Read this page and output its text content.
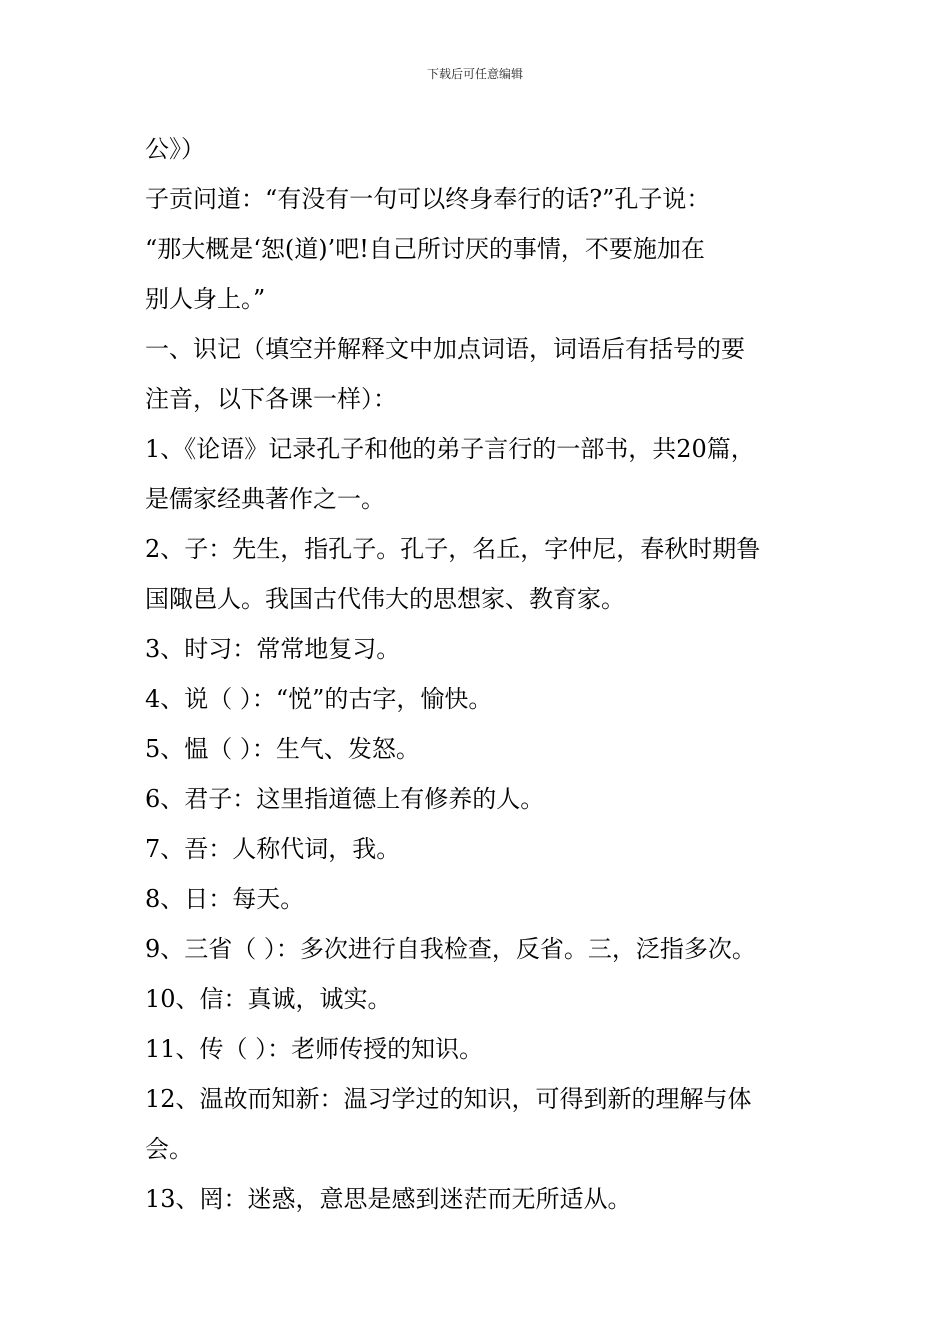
下载后可任意编辑
公》）
子贡问道：“有没有一句可以终身奉行的话?”孔子说：
“那大概是‘恕(道)’吧!自己所讨厌的事情，不要施加在
别人身上。”
一、识记（填空并解释文中加点词语，词语后有括号的要
注音，以下各课一样）：
1、《论语》记录孔子和他的弟子言行的一部书，共20篇，
是儒家经典著作之一。
2、子：先生，指孔子。孔子，名丘，字仲尼，春秋时期鲁
国陬邑人。我国古代伟大的思想家、教育家。
3、时习：常常地复习。
4、说（ ）：“悦”的古字，愉快。
5、愠（ ）：生气、发怒。
6、君子：这里指道德上有修养的人。
7、吾：人称代词，我。
8、日：每天。
9、三省（ ）：多次进行自我检查，反省。三，泛指多次。
10、信：真诚，诚实。
11、传（ ）：老师传授的知识。
12、温故而知新：温习学过的知识，可得到新的理解与体
会。
13、罔：迷惑，意思是感到迷茫而无所适从。
